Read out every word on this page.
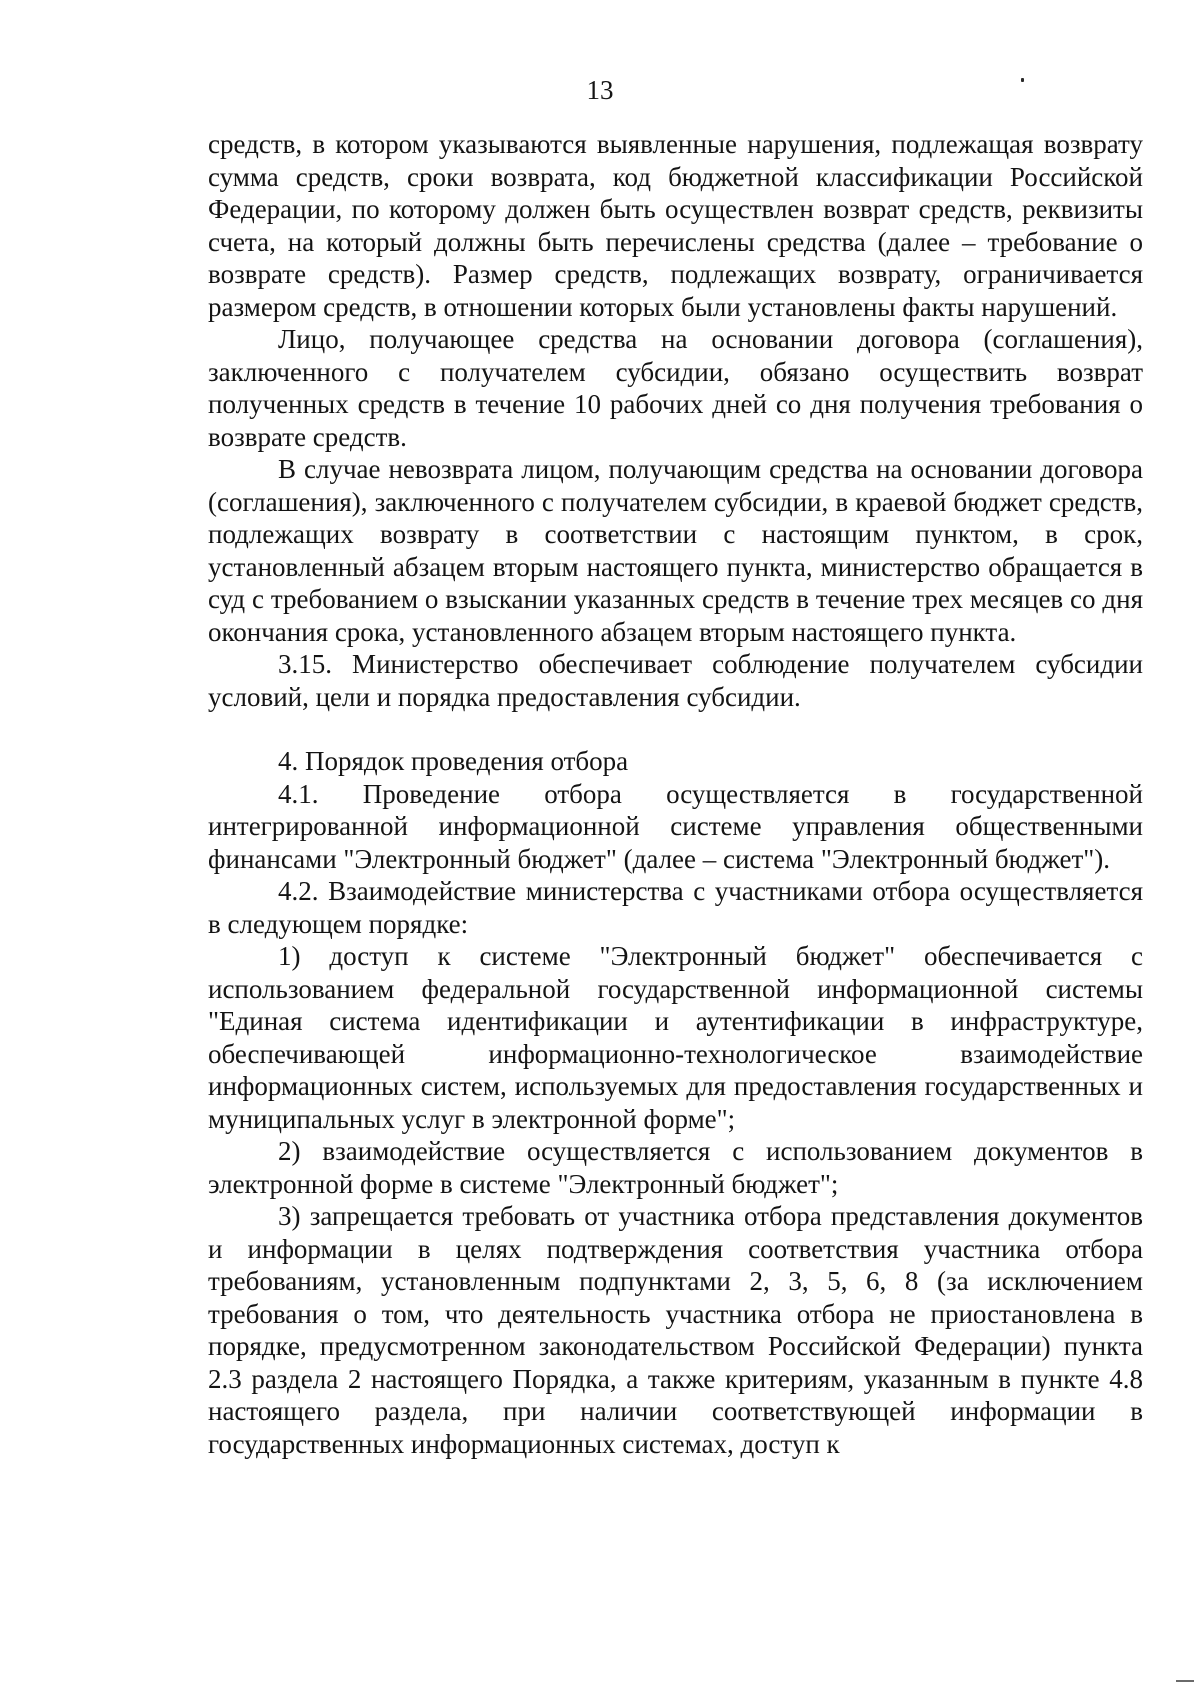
13

средств, в котором указываются выявленные нарушения, подлежащая возврату сумма средств, сроки возврата, код бюджетной классификации Российской Федерации, по которому должен быть осуществлен возврат средств, реквизиты счета, на который должны быть перечислены средства (далее – требование о возврате средств). Размер средств, подлежащих возврату, ограничивается размером средств, в отношении которых были установлены факты нарушений.

Лицо, получающее средства на основании договора (соглашения), заключенного с получателем субсидии, обязано осуществить возврат полученных средств в течение 10 рабочих дней со дня получения требования о возврате средств.

В случае невозврата лицом, получающим средства на основании договора (соглашения), заключенного с получателем субсидии, в краевой бюджет средств, подлежащих возврату в соответствии с настоящим пунктом, в срок, установленный абзацем вторым настоящего пункта, министерство обращается в суд с требованием о взыскании указанных средств в течение трех месяцев со дня окончания срока, установленного абзацем вторым настоящего пункта.

3.15. Министерство обеспечивает соблюдение получателем субсидии условий, цели и порядка предоставления субсидии.

4. Порядок проведения отбора

4.1. Проведение отбора осуществляется в государственной интегрированной информационной системе управления общественными финансами "Электронный бюджет" (далее – система "Электронный бюджет").

4.2. Взаимодействие министерства с участниками отбора осуществляется в следующем порядке:

1) доступ к системе "Электронный бюджет" обеспечивается с использованием федеральной государственной информационной системы "Единая система идентификации и аутентификации в инфраструктуре, обеспечивающей информационно-технологическое взаимодействие информационных систем, используемых для предоставления государственных и муниципальных услуг в электронной форме";

2) взаимодействие осуществляется с использованием документов в электронной форме в системе "Электронный бюджет";

3) запрещается требовать от участника отбора представления документов и информации в целях подтверждения соответствия участника отбора требованиям, установленным подпунктами 2, 3, 5, 6, 8 (за исключением требования о том, что деятельность участника отбора не приостановлена в порядке, предусмотренном законодательством Российской Федерации) пункта 2.3 раздела 2 настоящего Порядка, а также критериям, указанным в пункте 4.8 настоящего раздела, при наличии соответствующей информации в государственных информационных системах, доступ к
